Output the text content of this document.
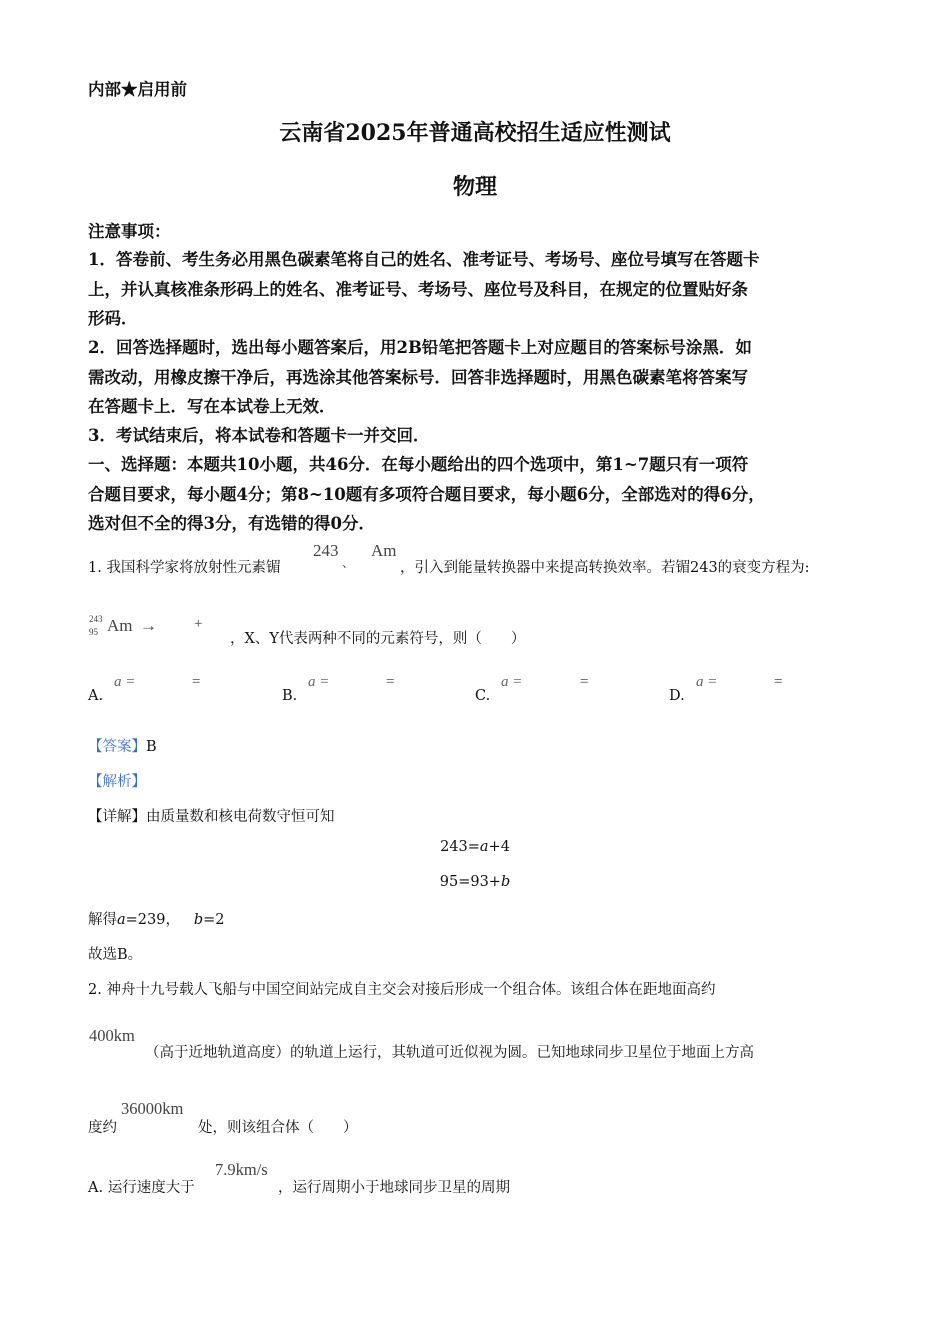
内部★启用前
云南省2025年普通高校招生适应性测试
物理
注意事项：
1．答卷前、考生务必用黑色碳素笔将自己的姓名、准考证号、考场号、座位号填写在答题卡
上，并认真核准条形码上的姓名、准考证号、考场号、座位号及科目，在规定的位置贴好条
形码．
2．回答选择题时，选出每小题答案后，用2B铅笔把答题卡上对应题目的答案标号涂黑．如
需改动，用橡皮擦干净后，再选涂其他答案标号．回答非选择题时，用黑色碳素笔将答案写
在答题卡上．写在本试卷上无效．
3．考试结束后，将本试卷和答题卡一并交回．
一、选择题：本题共10小题，共46分．在每小题给出的四个选项中，第1~7题只有一项符
合题目要求，每小题4分；第8~10题有多项符合题目要求，每小题6分，全部选对的得6分，
选对但不全的得3分，有选错的得0分．
1. 我国科学家将放射性元素镅
243
、
Am
，引入到能量转换器中来提高转换效率。若镅243的衰变方程为:
243
95 Am → +
，X、Y代表两种不同的元素符号，则（　　）
A.
a =	=
B.
a =	=
C.
a =	=
D.
a =	=
【答案】B
【解析】
【详解】由质量数和核电荷数守恒可知
243=a+4
95=93+b
解得a=239， b=2
故选B。
2. 神舟十九号载人飞船与中国空间站完成自主交会对接后形成一个组合体。该组合体在距地面高约
400km
（高于近地轨道高度）的轨道上运行，其轨道可近似视为圆。已知地球同步卫星位于地面上方高
度约
36000km
处，则该组合体（　　）
A. 运行速度大于
7.9km/s
，运行周期小于地球同步卫星的周期
